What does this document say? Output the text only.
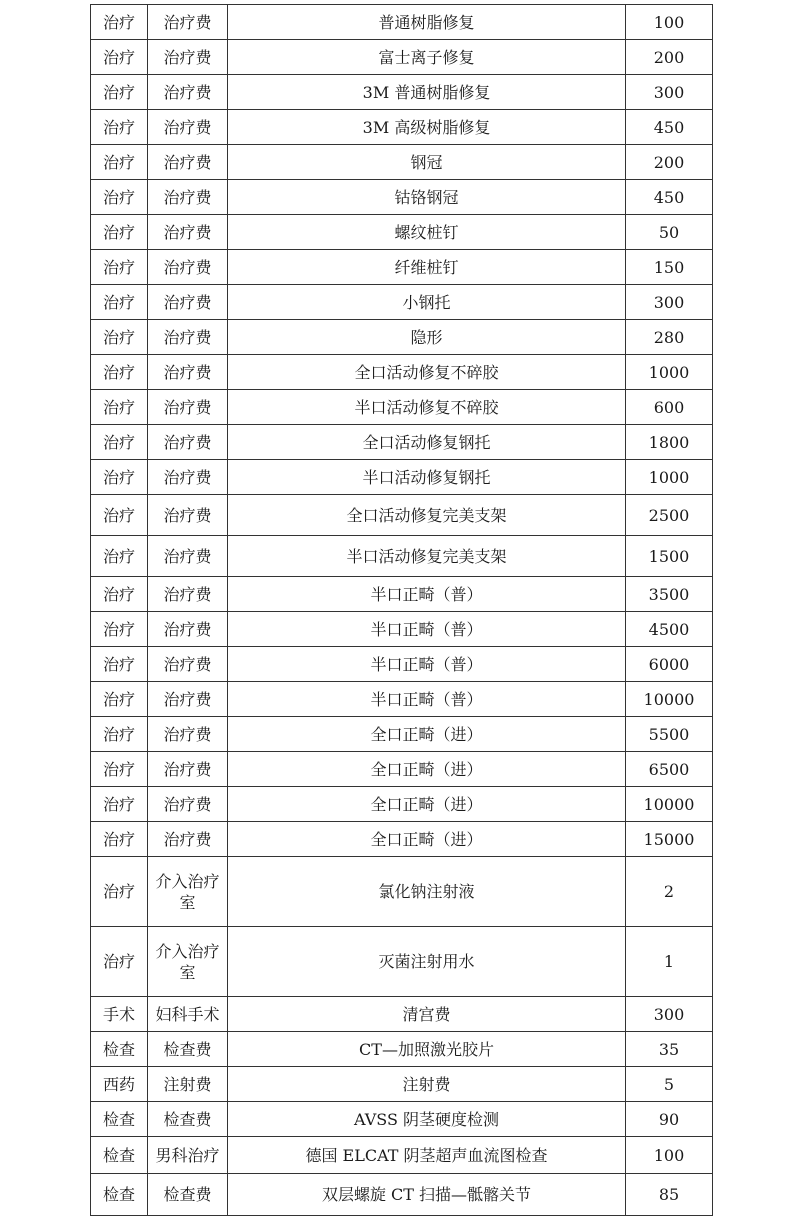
治疗	治疗费	普通树脂修复	100
治疗	治疗费	富士离子修复	200
治疗	治疗费	3M 普通树脂修复	300
治疗	治疗费	3M 高级树脂修复	450
治疗	治疗费	钢冠	200
治疗	治疗费	钴铬钢冠	450
治疗	治疗费	螺纹桩钉	50
治疗	治疗费	纤维桩钉	150
治疗	治疗费	小钢托	300
治疗	治疗费	隐形	280
治疗	治疗费	全口活动修复不碎胶	1000
治疗	治疗费	半口活动修复不碎胶	600
治疗	治疗费	全口活动修复钢托	1800
治疗	治疗费	半口活动修复钢托	1000
治疗	治疗费	全口活动修复完美支架	2500
治疗	治疗费	半口活动修复完美支架	1500
治疗	治疗费	半口正畸（普）	3500
治疗	治疗费	半口正畸（普）	4500
治疗	治疗费	半口正畸（普）	6000
治疗	治疗费	半口正畸（普）	10000
治疗	治疗费	全口正畸（进）	5500
治疗	治疗费	全口正畸（进）	6500
治疗	治疗费	全口正畸（进）	10000
治疗	治疗费	全口正畸（进）	15000
治疗	介入治疗室	氯化钠注射液	2
治疗	介入治疗室	灭菌注射用水	1
手术	妇科手术	清宫费	300
检查	检查费	CT—加照激光胶片	35
西药	注射费	注射费	5
检查	检查费	AVSS 阴茎硬度检测	90
检查	男科治疗	德国 ELCAT 阴茎超声血流图检查	100
检查	检查费	双层螺旋 CT 扫描—骶髂关节	85
